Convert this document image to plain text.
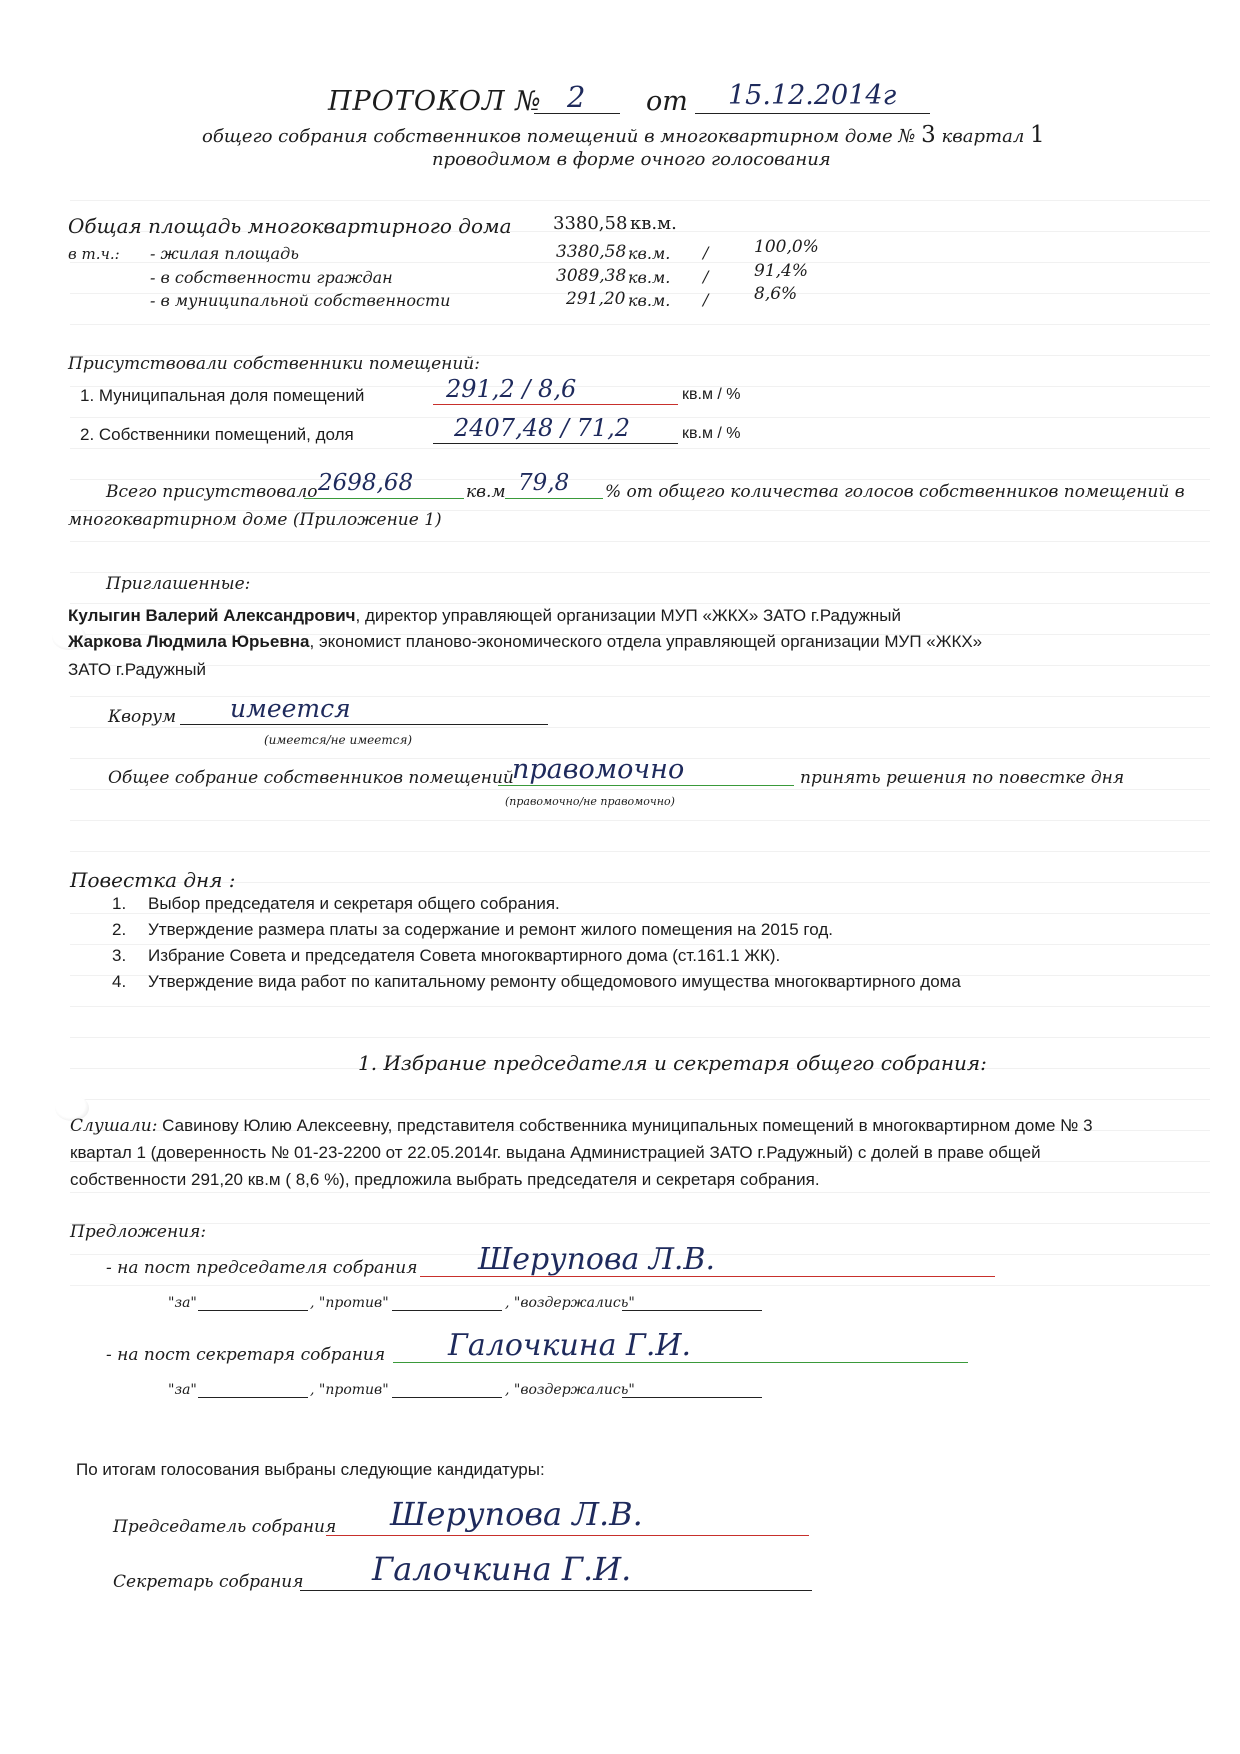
ПРОТОКОЛ № 2 от 15.12.2014г
общего собрания собственников помещений в многоквартирном доме № 3 квартал 1
проводимом в форме очного голосования
Общая площадь многоквартирного дома 3380,58 кв.м.
в т.ч.: - жилая площадь	3380,58 кв.м. /	100,0%
- в собственности граждан	3089,38 кв.м. /	91,4%
- в муниципальной собственности	291,20 кв.м. /	8,6%
Присутствовали собственники помещений:
1. Муниципальная доля помещений	291,2 / 8,6	кв.м / %
2. Собственники помещений, доля	2407,48 / 71,2	кв.м / %
Всего присутствовало 2698,68	кв.м 79,8 % от общего количества голосов собственников помещений в
многоквартирном доме (Приложение 1)
Приглашенные:
Кулыгин Валерий Александрович, директор управляющей организации МУП «ЖКХ» ЗАТО г.Радужный
Жаркова Людмила Юрьевна, экономист планово-экономического отдела управляющей организации МУП «ЖКХ»
ЗАТО г.Радужный
Кворум имеется
(имеется/не имеется)
Общее собрание собственников помещений
правомочно	принять решения по повестке дня
(правомочно/не правомочно)
Повестка дня :
1. Выбор председателя и секретаря общего собрания.
2. Утверждение размера платы за содержание и ремонт жилого помещения на 2015 год.
3. Избрание Совета и председателя Совета многоквартирного дома (ст.161.1 ЖК).
4. Утверждение вида работ по капитальному ремонту общедомового имущества многоквартирного дома
1. Избрание председателя и секретаря общего собрания:
Слушали: Савинову Юлию Алексеевну, представителя собственника муниципальных помещений в многоквартирном доме № 3
квартал 1 (доверенность № 01-23-2200 от 22.05.2014г. выдана Администрацией ЗАТО г.Радужный) с долей в праве общей
собственности 291,20 кв.м ( 8,6 %), предложила выбрать председателя и секретаря собрания.
Предложения:
- на пост председателя собрания Шерупова Л.В.
"за"	, "против"	, "воздержались"
- на пост секретаря собрания Галочкина Г.И.
"за"	, "против"	, "воздержались"
По итогам голосования выбраны следующие кандидатуры:
Председатель собрания Шерупова Л.В.
Секретарь собрания Галочкина Г.И.
